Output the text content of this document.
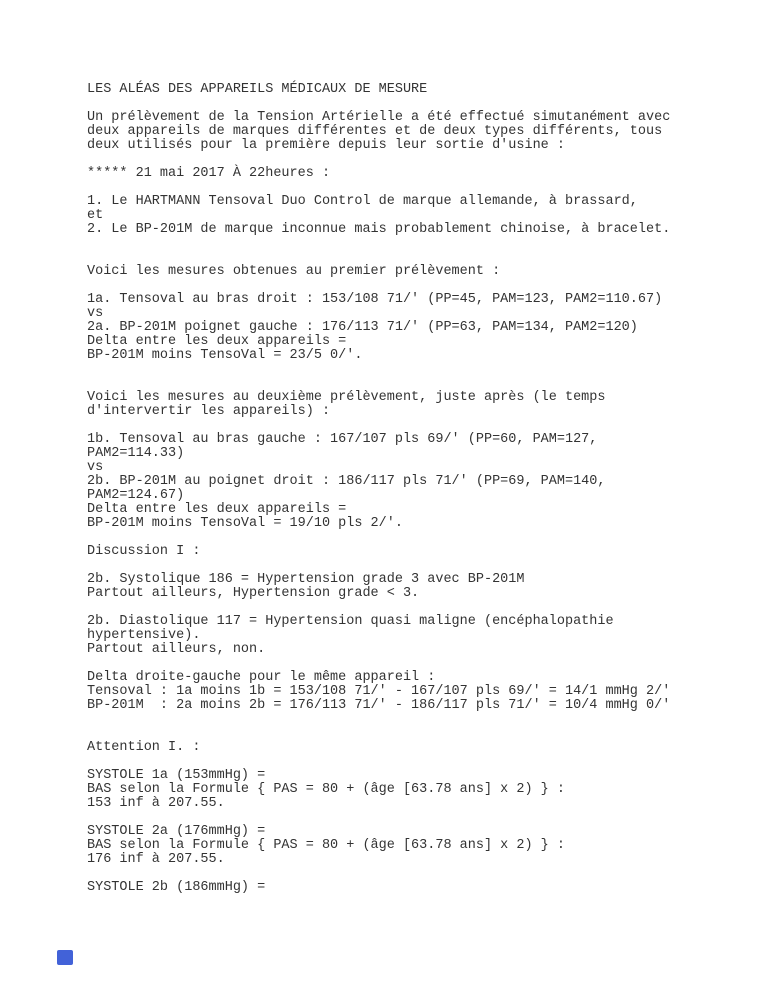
LES ALÉAS DES APPAREILS MÉDICAUX DE MESURE
Un prélèvement de la Tension Artérielle a été effectué simutanément avec
deux appareils de marques différentes et de deux types différents, tous
deux utilisés pour la première depuis leur sortie d'usine :
***** 21 mai 2017 À 22heures :
1. Le HARTMANN Tensoval Duo Control de marque allemande, à brassard,
et
2. Le BP-201M de marque inconnue mais probablement chinoise, à bracelet.
Voici les mesures obtenues au premier prélèvement :
1a. Tensoval au bras droit : 153/108 71/' (PP=45, PAM=123, PAM2=110.67)
vs
2a. BP-201M poignet gauche : 176/113 71/' (PP=63, PAM=134, PAM2=120)
Delta entre les deux appareils =
BP-201M moins TensoVal = 23/5 0/'.
Voici les mesures au deuxième prélèvement, juste après (le temps
d'intervertir les appareils) :
1b. Tensoval au bras gauche : 167/107 pls 69/' (PP=60, PAM=127,
PAM2=114.33)
vs
2b. BP-201M au poignet droit : 186/117 pls 71/' (PP=69, PAM=140,
PAM2=124.67)
Delta entre les deux appareils =
BP-201M moins TensoVal = 19/10 pls 2/'.
Discussion I :
2b. Systolique 186 = Hypertension grade 3 avec BP-201M
Partout ailleurs, Hypertension grade < 3.
2b. Diastolique 117 = Hypertension quasi maligne (encéphalopathie
hypertensive).
Partout ailleurs, non.
Delta droite-gauche pour le même appareil :
Tensoval : 1a moins 1b = 153/108 71/' - 167/107 pls 69/' = 14/1 mmHg 2/'
BP-201M  : 2a moins 2b = 176/113 71/' - 186/117 pls 71/' = 10/4 mmHg 0/'
Attention I. :
SYSTOLE 1a (153mmHg) =
BAS selon la Formule { PAS = 80 + (âge [63.78 ans] x 2) } :
153 inf à 207.55.
SYSTOLE 2a (176mmHg) =
BAS selon la Formule { PAS = 80 + (âge [63.78 ans] x 2) } :
176 inf à 207.55.
SYSTOLE 2b (186mmHg) =
